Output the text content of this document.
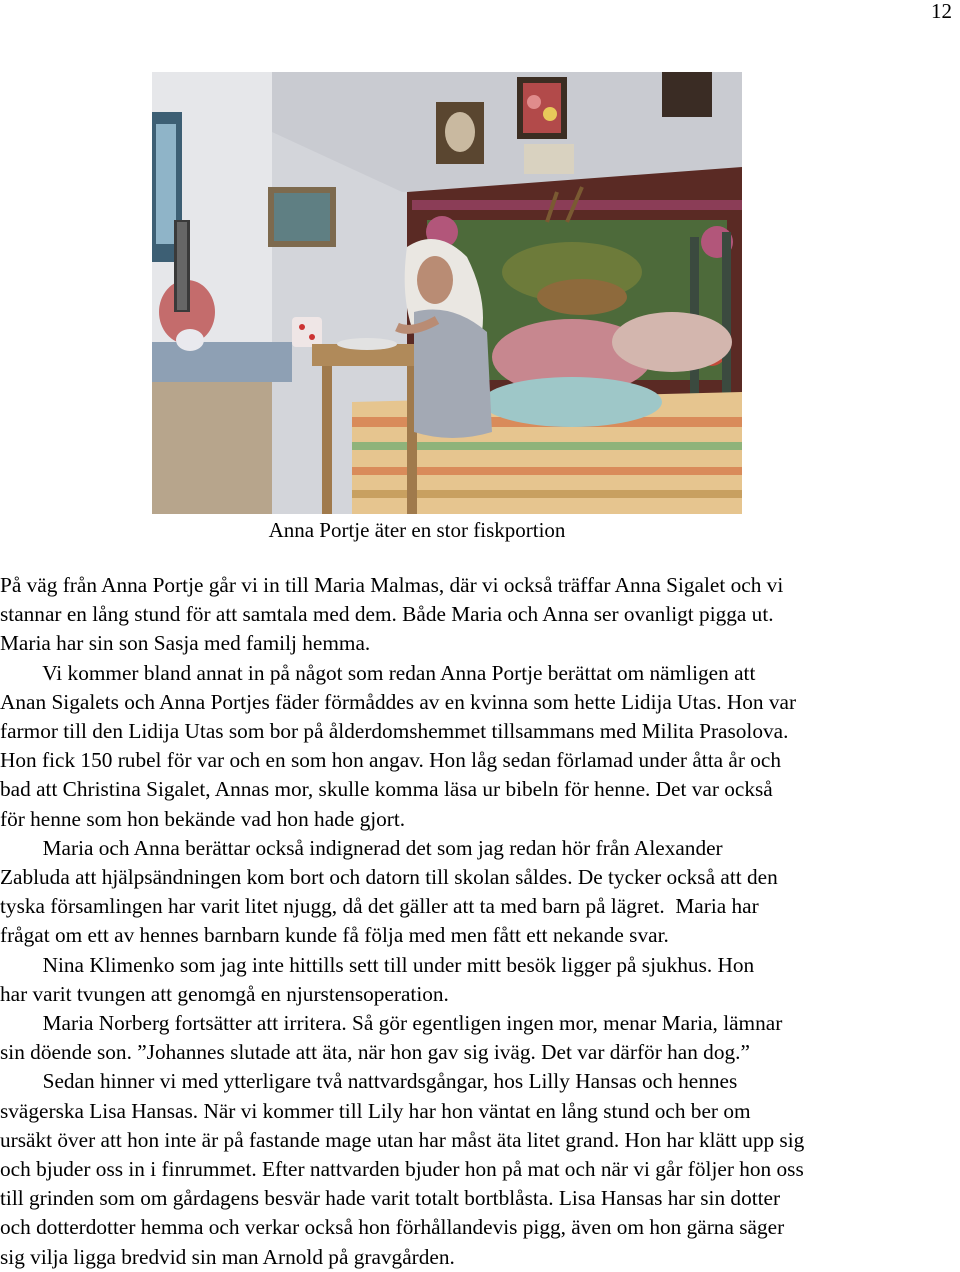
12
Anna Portje äter en stor fiskportion

På väg från Anna Portje går vi in till Maria Malmas, där vi också träffar Anna Sigalet och vi

stannar en lång stund för att samtala med dem. Både Maria och Anna ser ovanligt pigga ut.

Maria har sin son Sasja med familj hemma.

Vi kommer bland annat in på något som redan Anna Portje berättat om nämligen att

Anan Sigalets och Anna Portjes fäder förmåddes av en kvinna som hette Lidija Utas. Hon var

farmor till den Lidija Utas som bor på ålderdomshemmet tillsammans med Milita Prasolova.

Hon fick 150 rubel för var och en som hon angav. Hon låg sedan förlamad under åtta år och

bad att Christina Sigalet, Annas mor, skulle komma läsa ur bibeln för henne. Det var också

för henne som hon bekände vad hon hade gjort.

Maria och Anna berättar också indignerad det som jag redan hör från Alexander

Zabluda att hjälpsändningen kom bort och datorn till skolan såldes. De tycker också att den

tyska församlingen har varit litet njugg, då det gäller att ta med barn på lägret.  Maria har

frågat om ett av hennes barnbarn kunde få följa med men fått ett nekande svar.

Nina Klimenko som jag inte hittills sett till under mitt besök ligger på sjukhus. Hon

har varit tvungen att genomgå en njurstensoperation.

Maria Norberg fortsätter att irritera. Så gör egentligen ingen mor, menar Maria, lämnar

sin döende son. ”Johannes slutade att äta, när hon gav sig iväg. Det var därför han dog.”

Sedan hinner vi med ytterligare två nattvardsgångar, hos Lilly Hansas och hennes

svägerska Lisa Hansas. När vi kommer till Lily har hon väntat en lång stund och ber om

ursäkt över att hon inte är på fastande mage utan har måst äta litet grand. Hon har klätt upp sig

och bjuder oss in i finrummet. Efter nattvarden bjuder hon på mat och när vi går följer hon oss

till grinden som om gårdagens besvär hade varit totalt bortblåsta. Lisa Hansas har sin dotter

och dotterdotter hemma och verkar också hon förhållandevis pigg, även om hon gärna säger

sig vilja ligga bredvid sin man Arnold på gravgården.
